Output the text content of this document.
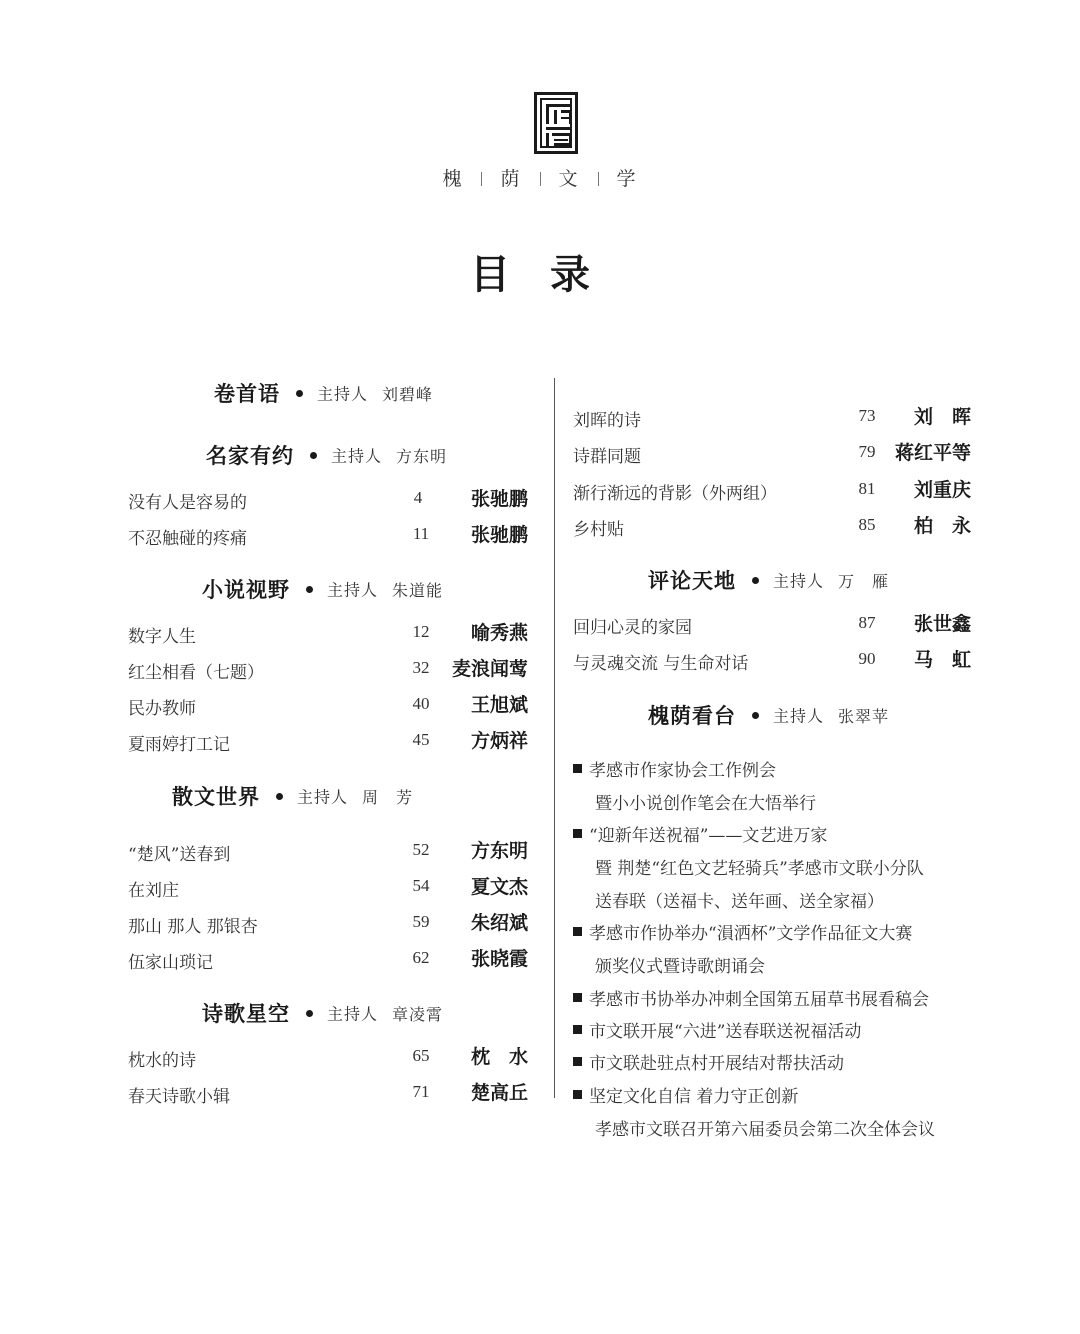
槐 荫 文 学
目录
卷首语 主持人 刘碧峰
名家有约 主持人 方东明
没有人是容易的	4	张驰鹏
不忍触碰的疼痛	11	张驰鹏
小说视野 主持人 朱道能
数字人生	12	喻秀燕
红尘相看（七题）	32	麦浪闻莺
民办教师	40	王旭斌
夏雨婷打工记	45	方炳祥
散文世界 主持人 周　芳
“楚风”送春到	52	方东明
在刘庄	54	夏文杰
那山 那人 那银杏	59	朱绍斌
伍家山琐记	62	张晓霞
诗歌星空 主持人 章凌霄
枕水的诗	65	枕　水
春天诗歌小辑	71	楚高丘
刘晖的诗	73	刘　晖
诗群同题	79	蒋红平等
渐行渐远的背影（外两组）	81	刘重庆
乡村贴	85	柏　永
评论天地 主持人 万　雁
回归心灵的家园	87	张世鑫
与灵魂交流 与生命对话	90	马　虹
槐荫看台 主持人 张翠苹
孝感市作家协会工作例会
暨小小说创作笔会在大悟举行
“迎新年送祝福”——文艺进万家
暨 荆楚“红色文艺轻骑兵”孝感市文联小分队
送春联（送福卡、送年画、送全家福）
孝感市作协举办“溳洒杯”文学作品征文大赛
颁奖仪式暨诗歌朗诵会
孝感市书协举办冲刺全国第五届草书展看稿会
市文联开展“六进”送春联送祝福活动
市文联赴驻点村开展结对帮扶活动
坚定文化自信 着力守正创新
孝感市文联召开第六届委员会第二次全体会议
